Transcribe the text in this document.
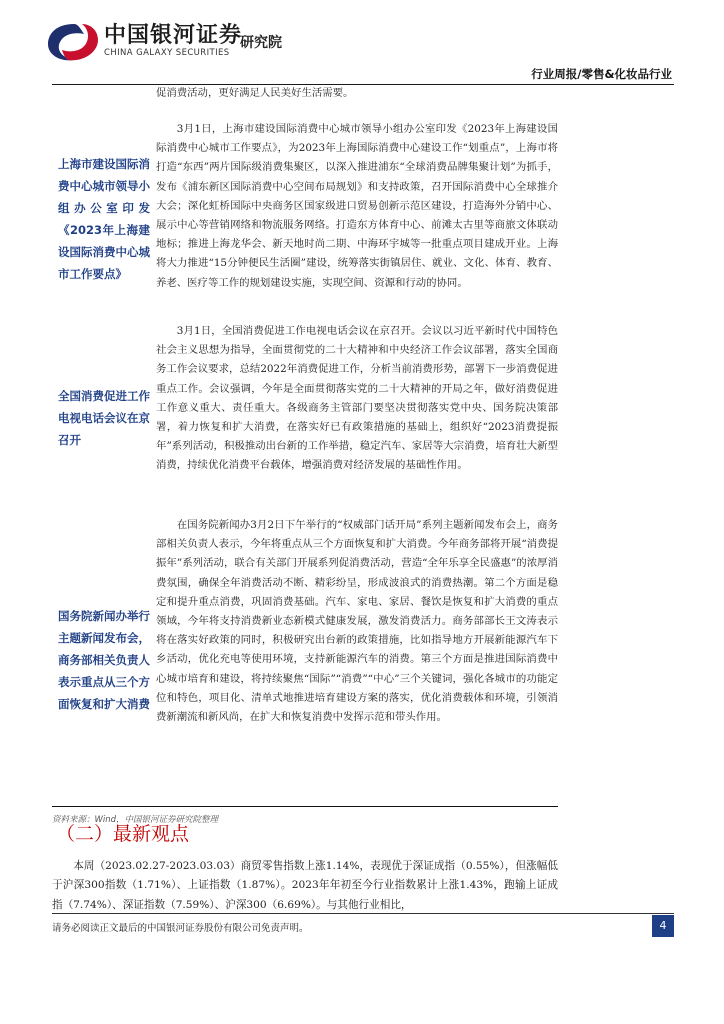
中国银河证券
CHINA GALAXY SECURITIES
研究院
行业周报/零售&化妆品行业

促消费活动，更好满足人民美好生活需要。

上海市建设国际消费中心城市领导小组办公室印发《2023年上海建设国际消费中心城市工作要点》

3月1日，上海市建设国际消费中心城市领导小组办公室印发《2023年上海建设国际消费中心城市工作要点》，为2023年上海国际消费中心建设工作“划重点”，上海市将打造“东西”两片国际级消费集聚区，以深入推进浦东“全球消费品牌集聚计划”为抓手，发布《浦东新区国际消费中心空间布局规划》和支持政策，召开国际消费中心全球推介大会；深化虹桥国际中央商务区国家级进口贸易创新示范区建设，打造海外分销中心、展示中心等营销网络和物流服务网络。打造东方体育中心、前滩太古里等商旅文体联动地标；推进上海龙华会、新天地时尚二期、中海环宇城等一批重点项目建成开业。上海将大力推进“15分钟便民生活圈”建设，统筹落实街镇居住、就业、文化、体育、教育、养老、医疗等工作的规划建设实施，实现空间、资源和行动的协同。

全国消费促进工作电视电话会议在京召开

3月1日，全国消费促进工作电视电话会议在京召开。会议以习近平新时代中国特色社会主义思想为指导，全面贯彻党的二十大精神和中央经济工作会议部署，落实全国商务工作会议要求，总结2022年消费促进工作，分析当前消费形势，部署下一步消费促进重点工作。会议强调，今年是全面贯彻落实党的二十大精神的开局之年，做好消费促进工作意义重大、责任重大。各级商务主管部门要坚决贯彻落实党中央、国务院决策部署，着力恢复和扩大消费，在落实好已有政策措施的基础上，组织好“2023消费提振年”系列活动，积极推动出台新的工作举措，稳定汽车、家居等大宗消费，培育壮大新型消费，持续优化消费平台载体，增强消费对经济发展的基础性作用。

国务院新闻办举行主题新闻发布会，商务部相关负责人表示重点从三个方面恢复和扩大消费

在国务院新闻办3月2日下午举行的“权威部门话开局”系列主题新闻发布会上，商务部相关负责人表示，今年将重点从三个方面恢复和扩大消费。今年商务部将开展“消费提振年”系列活动，联合有关部门开展系列促消费活动，营造“全年乐享全民盛惠”的浓厚消费氛围，确保全年消费活动不断、精彩纷呈，形成波浪式的消费热潮。第二个方面是稳定和提升重点消费，巩固消费基础。汽车、家电、家居、餐饮是恢复和扩大消费的重点领域，今年将支持消费新业态新模式健康发展，激发消费活力。商务部部长王文涛表示将在落实好政策的同时，积极研究出台新的政策措施，比如指导地方开展新能源汽车下乡活动，优化充电等使用环境，支持新能源汽车的消费。第三个方面是推进国际消费中心城市培育和建设，将持续聚焦“国际”“消费”“中心”三个关键词，强化各城市的功能定位和特色，项目化、清单式地推进培育建设方案的落实，优化消费载体和环境，引领消费新潮流和新风尚，在扩大和恢复消费中发挥示范和带头作用。

资料来源：Wind，中国银河证券研究院整理
（二）最新观点

本周（2023.02.27-2023.03.03）商贸零售指数上涨1.14%，表现优于深证成指（0.55%），但涨幅低于沪深300指数（1.71%）、上证指数（1.87%）。2023年年初至今行业指数累计上涨1.43%，跑输上证成指（7.74%）、深证指数（7.59%）、沪深300（6.69%）。与其他行业相比，

请务必阅读正文最后的中国银河证券股份有限公司免责声明。	4
